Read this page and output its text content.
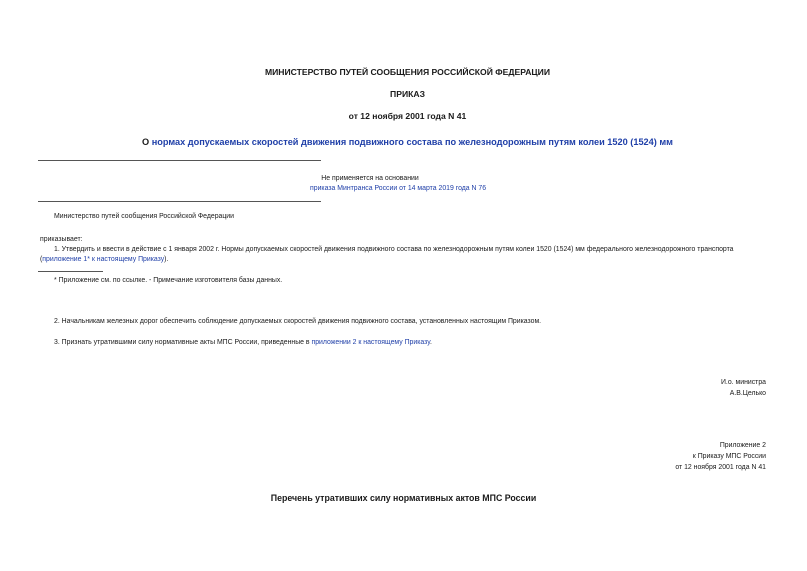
МИНИСТЕРСТВО ПУТЕЙ СООБЩЕНИЯ РОССИЙСКОЙ ФЕДЕРАЦИИ
ПРИКАЗ
от 12 ноября 2001 года N 41
О нормах допускаемых скоростей движения подвижного состава по железнодорожным путям колеи 1520 (1524) мм
Не применяется на основании
приказа Минтранса России от 14 марта 2019 года N 76
Министерство путей сообщения Российской Федерации
приказывает:
1. Утвердить и ввести в действие с 1 января 2002 г. Нормы допускаемых скоростей движения подвижного состава по железнодорожным путям колеи 1520 (1524) мм федерального железнодорожного транспорта
(приложение 1* к настоящему Приказу).
* Приложение см. по ссылке. - Примечание изготовителя базы данных.
2. Начальникам железных дорог обеспечить соблюдение допускаемых скоростей движения подвижного состава, установленных настоящим Приказом.
3. Признать утратившими силу нормативные акты МПС России, приведенные в приложении 2 к настоящему Приказу.
И.о. министра
А.В.Целько
Приложение 2
к Приказу МПС России
от 12 ноября 2001 года N 41
Перечень утративших силу нормативных актов МПС России
